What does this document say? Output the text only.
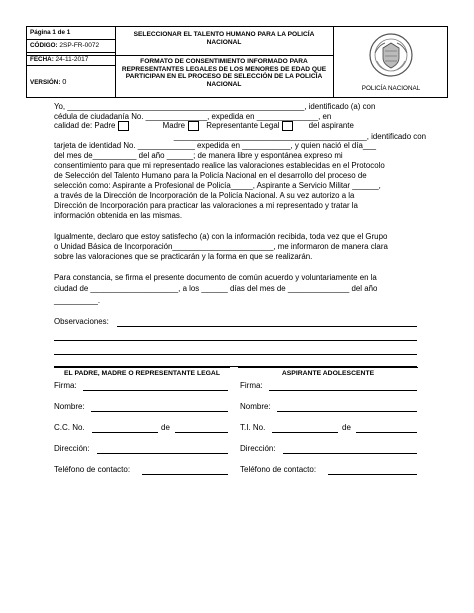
Página 1 de 1
CÓDIGO: 2SP-FR-0072
FECHA: 24-11-2017
VERSIÓN: 0
SELECCIONAR EL TALENTO HUMANO PARA LA POLICÍA NACIONAL
FORMATO DE CONSENTIMIENTO INFORMADO PARA REPRESENTANTES LEGALES DE LOS MENORES DE EDAD QUE PARTICIPAN EN EL PROCESO DE SELECCIÓN DE LA POLICÍA NACIONAL
POLICÍA NACIONAL
Yo, ______________________________________________________, identificado (a) con
cédula de ciudadanía No. ______________, expedida en ______________, en
calidad de: Padre	Madre	Representante Legal	del aspirante
____________________________________________, identificado con
tarjeta de identidad No. _____________ expedida en ___________, y quien nació el día___
del mes de__________ del año ______; de manera libre y espontánea expreso mi
consentimiento para que mi representado realice las valoraciones establecidas en el Protocolo
de Selección del Talento Humano para la Policía Nacional en el desarrollo del proceso de
selección como: Aspirante a Profesional de Policía_____, Aspirante a Servicio Militar ______,
a través de la Dirección de Incorporación de la Policía Nacional. A su vez autorizo a la
Dirección de Incorporación para practicar las valoraciones a mi representado y tratar la
información obtenida en las mismas.
Igualmente, declaro que estoy satisfecho (a) con la información recibida, toda vez que el Grupo
o Unidad Básica de Incorporación_______________________, me informaron de manera clara
sobre las valoraciones que se practicarán y la forma en que se realizarán.
Para constancia, se firma el presente documento de común acuerdo y voluntariamente en la
ciudad de ____________________, a los ______ días del mes de ______________ del año
__________.
Observaciones:
EL PADRE, MADRE O REPRESENTANTE LEGAL	ASPIRANTE ADOLESCENTE
Firma:	Firma:
Nombre:	Nombre:
C.C. No.	de	T.I. No.	de
Dirección:	Dirección:
Teléfono de contacto:	Teléfono de contacto:
